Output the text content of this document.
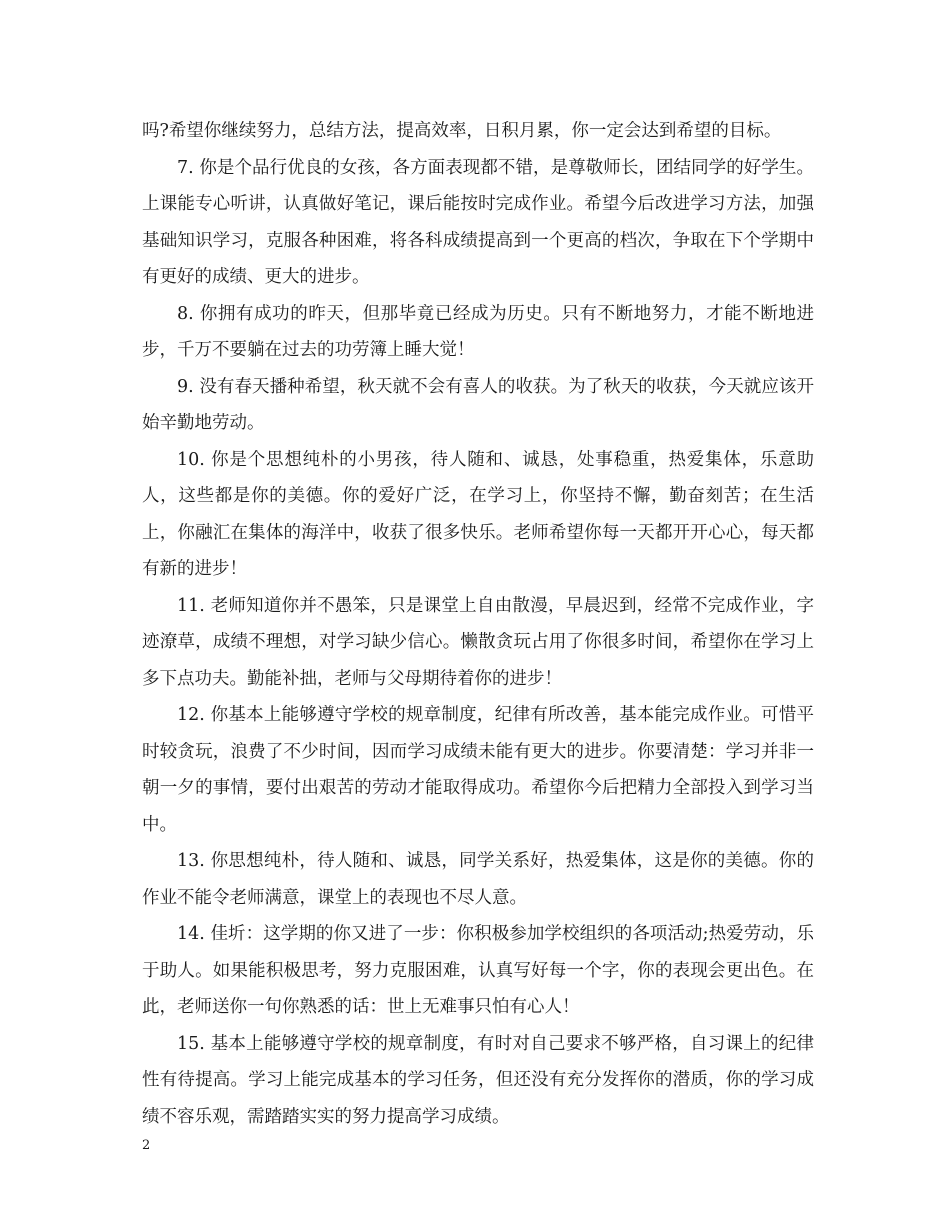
吗?希望你继续努力，总结方法，提高效率，日积月累，你一定会达到希望的目标。

7. 你是个品行优良的女孩，各方面表现都不错，是尊敬师长，团结同学的好学生。上课能专心听讲，认真做好笔记，课后能按时完成作业。希望今后改进学习方法，加强基础知识学习，克服各种困难，将各科成绩提高到一个更高的档次，争取在下个学期中有更好的成绩、更大的进步。

8. 你拥有成功的昨天，但那毕竟已经成为历史。只有不断地努力，才能不断地进步，千万不要躺在过去的功劳簿上睡大觉！

9. 没有春天播种希望，秋天就不会有喜人的收获。为了秋天的收获，今天就应该开始辛勤地劳动。

10. 你是个思想纯朴的小男孩，待人随和、诚恳，处事稳重，热爱集体，乐意助人，这些都是你的美德。你的爱好广泛，在学习上，你坚持不懈，勤奋刻苦；在生活上，你融汇在集体的海洋中，收获了很多快乐。老师希望你每一天都开开心心，每天都有新的进步！

11. 老师知道你并不愚笨，只是课堂上自由散漫，早晨迟到，经常不完成作业，字迹潦草，成绩不理想，对学习缺少信心。懒散贪玩占用了你很多时间，希望你在学习上多下点功夫。勤能补拙，老师与父母期待着你的进步！

12. 你基本上能够遵守学校的规章制度，纪律有所改善，基本能完成作业。可惜平时较贪玩，浪费了不少时间，因而学习成绩未能有更大的进步。你要清楚：学习并非一朝一夕的事情，要付出艰苦的劳动才能取得成功。希望你今后把精力全部投入到学习当中。

13. 你思想纯朴，待人随和、诚恳，同学关系好，热爱集体，这是你的美德。你的作业不能令老师满意，课堂上的表现也不尽人意。

14. 佳圻：这学期的你又进了一步：你积极参加学校组织的各项活动;热爱劳动，乐于助人。如果能积极思考，努力克服困难，认真写好每一个字，你的表现会更出色。在此，老师送你一句你熟悉的话：世上无难事只怕有心人！

15. 基本上能够遵守学校的规章制度，有时对自己要求不够严格，自习课上的纪律性有待提高。学习上能完成基本的学习任务，但还没有充分发挥你的潜质，你的学习成绩不容乐观，需踏踏实实的努力提高学习成绩。

2
